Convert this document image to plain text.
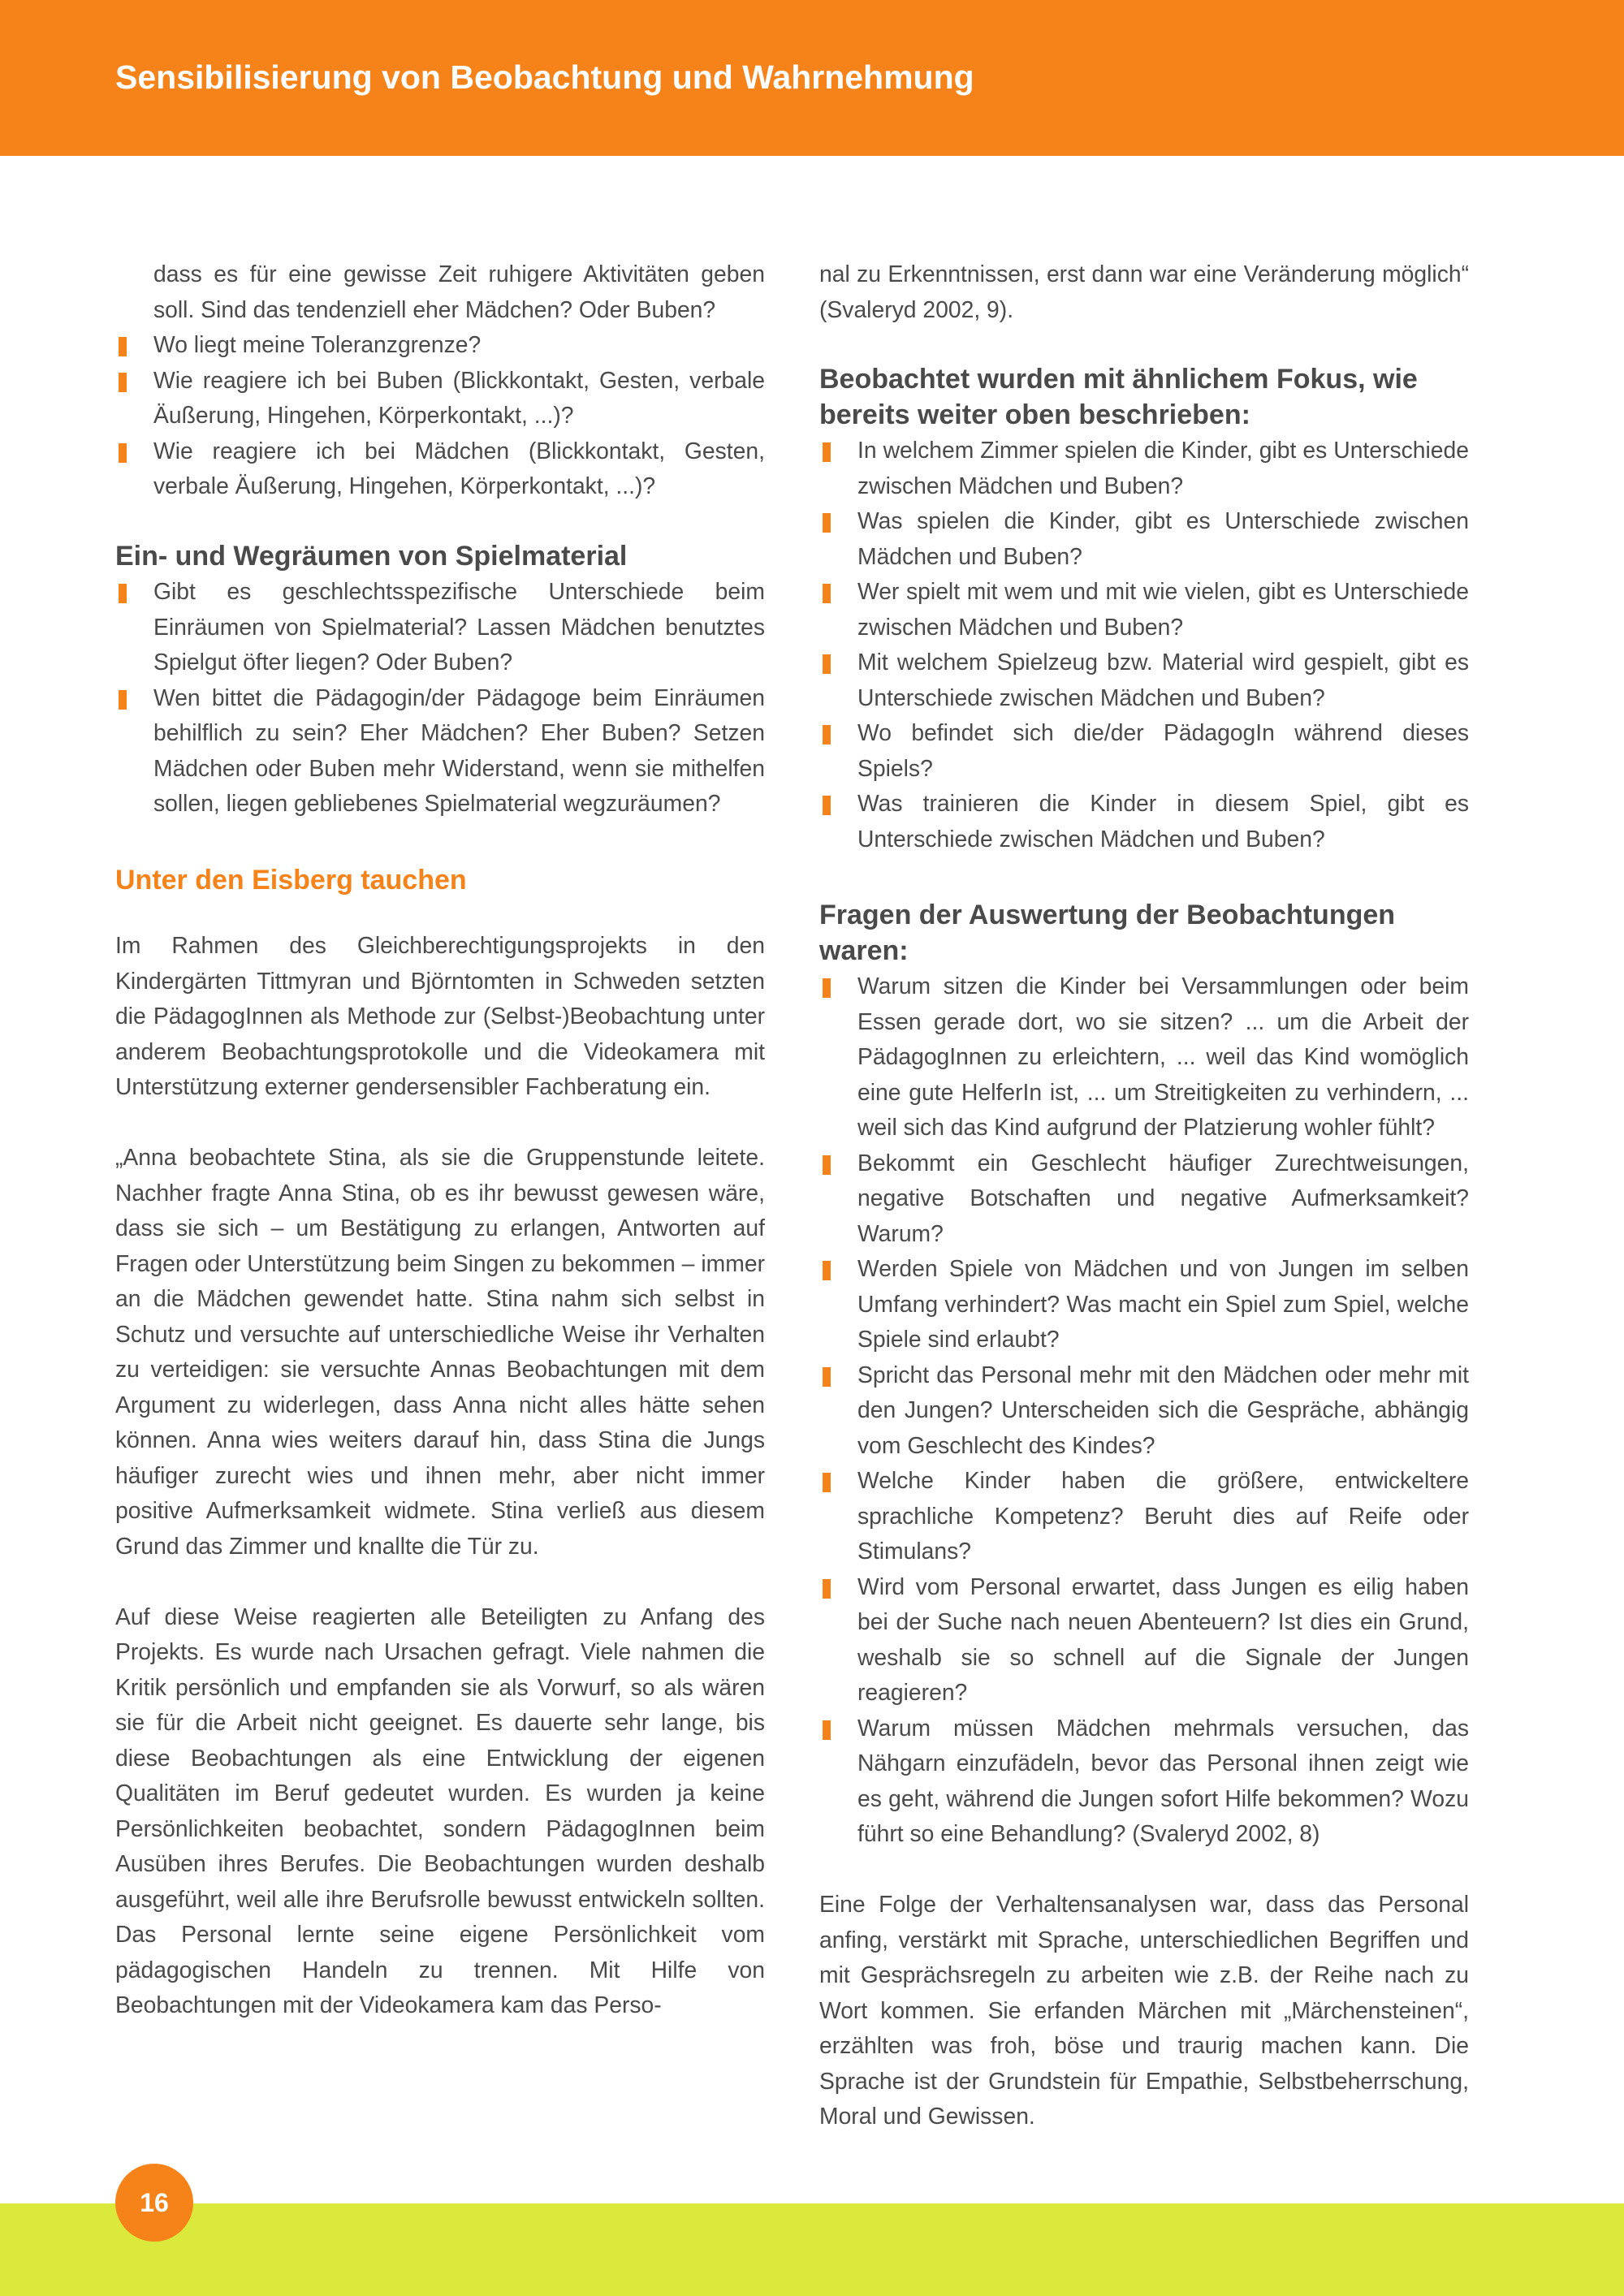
Sensibilisierung von Beobachtung und Wahrnehmung

dass es für eine gewisse Zeit ruhigere Aktivitäten geben soll. Sind das tendenziell eher Mädchen? Oder Buben?

Wo liegt meine Toleranzgrenze?
Wie reagiere ich bei Buben (Blickkontakt, Gesten, verbale Äußerung, Hingehen, Körperkontakt, ...)?
Wie reagiere ich bei Mädchen (Blickkontakt, Gesten, verbale Äußerung, Hingehen, Körperkontakt, ...)?
Ein- und Wegräumen von Spielmaterial
Gibt es geschlechtsspezifische Unterschiede beim Einräumen von Spielmaterial? Lassen Mädchen benutztes Spielgut öfter liegen? Oder Buben?
Wen bittet die Pädagogin/der Pädagoge beim Einräumen behilflich zu sein? Eher Mädchen? Eher Buben? Setzen Mädchen oder Buben mehr Widerstand, wenn sie mithelfen sollen, liegen gebliebenes Spielmaterial wegzuräumen?
Unter den Eisberg tauchen

Im Rahmen des Gleichberechtigungsprojekts in den Kindergärten Tittmyran und Björntomten in Schweden setzten die PädagogInnen als Methode zur (Selbst-)Beobachtung unter anderem Beobachtungsprotokolle und die Videokamera mit Unterstützung externer gendersensibler Fachberatung ein.

„Anna beobachtete Stina, als sie die Gruppenstunde leitete. Nachher fragte Anna Stina, ob es ihr bewusst gewesen wäre, dass sie sich – um Bestätigung zu erlangen, Antworten auf Fragen oder Unterstützung beim Singen zu bekommen – immer an die Mädchen gewendet hatte. Stina nahm sich selbst in Schutz und versuchte auf unterschiedliche Weise ihr Verhalten zu verteidigen: sie versuchte Annas Beobachtungen mit dem Argument zu widerlegen, dass Anna nicht alles hätte sehen können. Anna wies weiters darauf hin, dass Stina die Jungs häufiger zurecht wies und ihnen mehr, aber nicht immer positive Aufmerksamkeit widmete. Stina verließ aus diesem Grund das Zimmer und knallte die Tür zu.

Auf diese Weise reagierten alle Beteiligten zu Anfang des Projekts. Es wurde nach Ursachen gefragt. Viele nahmen die Kritik persönlich und empfanden sie als Vorwurf, so als wären sie für die Arbeit nicht geeignet. Es dauerte sehr lange, bis diese Beobachtungen als eine Entwicklung der eigenen Qualitäten im Beruf gedeutet wurden. Es wurden ja keine Persönlichkeiten beobachtet, sondern PädagogInnen beim Ausüben ihres Berufes. Die Beobachtungen wurden deshalb ausgeführt, weil alle ihre Berufsrolle bewusst entwickeln sollten. Das Personal lernte seine eigene Persönlichkeit vom pädagogischen Handeln zu trennen. Mit Hilfe von Beobachtungen mit der Videokamera kam das Perso-

nal zu Erkenntnissen, erst dann war eine Veränderung möglich“ (Svaleryd 2002, 9).

Beobachtet wurden mit ähnlichem Fokus, wie bereits weiter oben beschrieben:
In welchem Zimmer spielen die Kinder, gibt es Unterschiede zwischen Mädchen und Buben?
Was spielen die Kinder, gibt es Unterschiede zwischen Mädchen und Buben?
Wer spielt mit wem und mit wie vielen, gibt es Unterschiede zwischen Mädchen und Buben?
Mit welchem Spielzeug bzw. Material wird gespielt, gibt es Unterschiede zwischen Mädchen und Buben?
Wo befindet sich die/der PädagogIn während dieses Spiels?
Was trainieren die Kinder in diesem Spiel, gibt es Unterschiede zwischen Mädchen und Buben?
Fragen der Auswertung der Beobachtungen waren:
Warum sitzen die Kinder bei Versammlungen oder beim Essen gerade dort, wo sie sitzen? ... um die Arbeit der PädagogInnen zu erleichtern, ... weil das Kind womöglich eine gute HelferIn ist, ... um Streitigkeiten zu verhindern, ... weil sich das Kind aufgrund der Platzierung wohler fühlt?
Bekommt ein Geschlecht häufiger Zurechtweisungen, negative Botschaften und negative Aufmerksamkeit? Warum?
Werden Spiele von Mädchen und von Jungen im selben Umfang verhindert? Was macht ein Spiel zum Spiel, welche Spiele sind erlaubt?
Spricht das Personal mehr mit den Mädchen oder mehr mit den Jungen? Unterscheiden sich die Gespräche, abhängig vom Geschlecht des Kindes?
Welche Kinder haben die größere, entwickeltere sprachliche Kompetenz? Beruht dies auf Reife oder Stimulans?
Wird vom Personal erwartet, dass Jungen es eilig haben bei der Suche nach neuen Abenteuern? Ist dies ein Grund, weshalb sie so schnell auf die Signale der Jungen reagieren?
Warum müssen Mädchen mehrmals versuchen, das Nähgarn einzufädeln, bevor das Personal ihnen zeigt wie es geht, während die Jungen sofort Hilfe bekommen? Wozu führt so eine Behandlung? (Svaleryd 2002, 8)

Eine Folge der Verhaltensanalysen war, dass das Personal anfing, verstärkt mit Sprache, unterschiedlichen Begriffen und mit Gesprächsregeln zu arbeiten wie z.B. der Reihe nach zu Wort kommen. Sie erfanden Märchen mit „Märchensteinen“, erzählten was froh, böse und traurig machen kann. Die Sprache ist der Grundstein für Empathie, Selbstbeherrschung, Moral und Gewissen.

16
